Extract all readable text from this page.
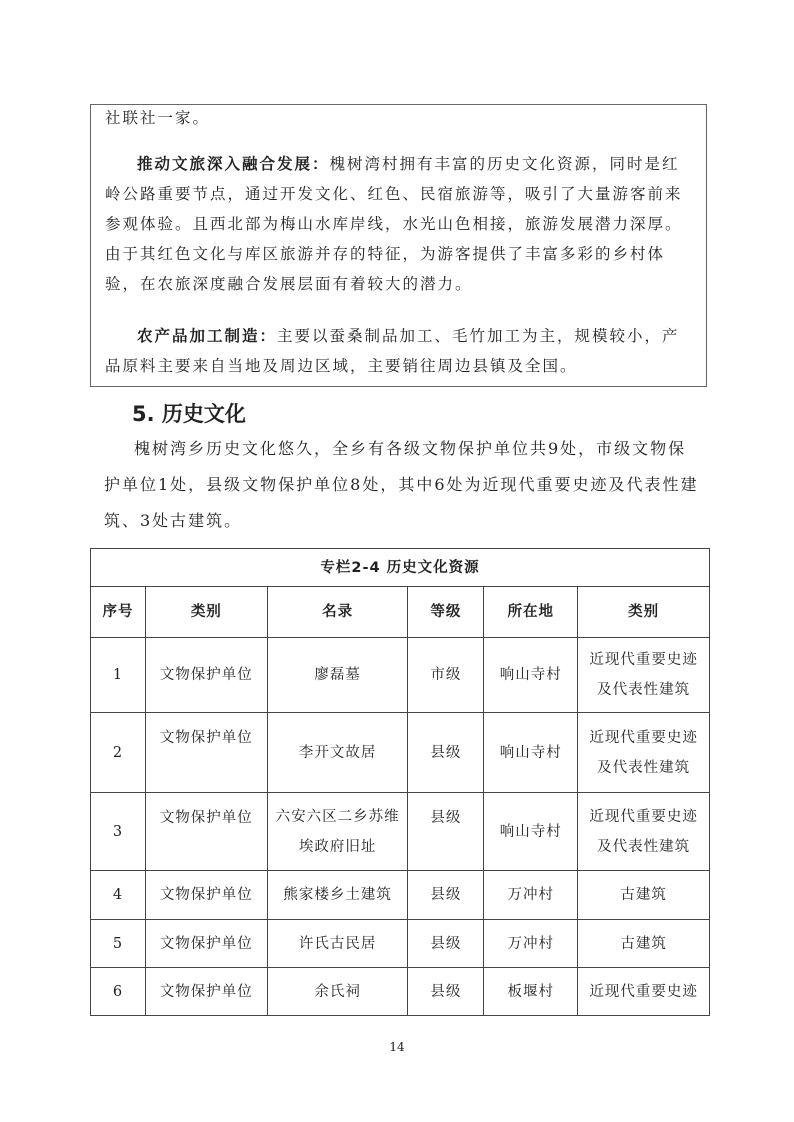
社联社一家。
推动文旅深入融合发展：槐树湾村拥有丰富的历史文化资源，同时是红岭公路重要节点，通过开发文化、红色、民宿旅游等，吸引了大量游客前来参观体验。且西北部为梅山水库岸线，水光山色相接，旅游发展潜力深厚。由于其红色文化与库区旅游并存的特征，为游客提供了丰富多彩的乡村体验，在农旅深度融合发展层面有着较大的潜力。
农产品加工制造：主要以蚕桑制品加工、毛竹加工为主，规模较小，产品原料主要来自当地及周边区域，主要销往周边县镇及全国。
5. 历史文化
槐树湾乡历史文化悠久，全乡有各级文物保护单位共9处，市级文物保护单位1处，县级文物保护单位8处，其中6处为近现代重要史迹及代表性建筑、3处古建筑。
专栏2-4 历史文化资源					
序号	类别	名录	等级	所在地	类别
1	文物保护单位	廖磊墓	市级	响山寺村	近现代重要史迹及代表性建筑
2	文物保护单位	李开文故居	县级	响山寺村	近现代重要史迹及代表性建筑
3	文物保护单位	六安六区二乡苏维埃政府旧址	县级	响山寺村	近现代重要史迹及代表性建筑
4	文物保护单位	熊家楼乡土建筑	县级	万冲村	古建筑
5	文物保护单位	许氏古民居	县级	万冲村	古建筑
6	文物保护单位	余氏祠	县级	板堰村	近现代重要史迹
14
